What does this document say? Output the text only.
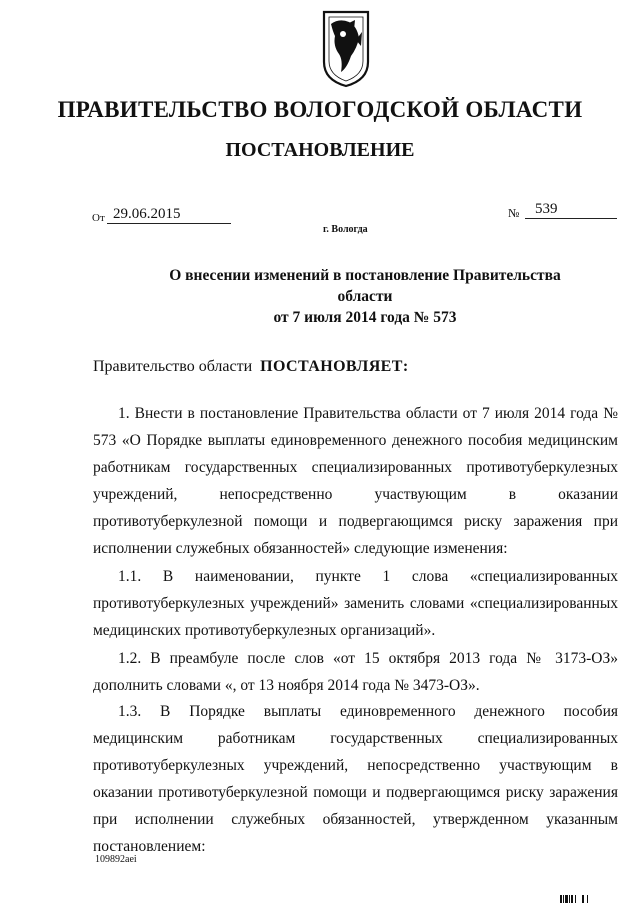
ПРАВИТЕЛЬСТВО ВОЛОГОДСКОЙ ОБЛАСТИ
ПОСТАНОВЛЕНИЕ
От 29.06.2015	№	539
г. Вологда
О внесении изменений в постановление Правительства области
от 7 июля 2014 года № 573
Правительство области ПОСТАНОВЛЯЕТ:
1. Внести в постановление Правительства области от 7 июля 2014 года № 573 «О Порядке выплаты единовременного денежного пособия медицинским работникам государственных специализированных противотуберкулезных учреждений, непосредственно участвующим в оказании противотуберкулезной помощи и подвергающимся риску заражения при исполнении служебных обязанностей» следующие изменения:
1.1. В наименовании, пункте 1 слова «специализированных противотуберкулезных учреждений» заменить словами «специализированных медицинских противотуберкулезных организаций».
1.2. В преамбуле после слов «от 15 октября 2013 года № 3173-ОЗ» дополнить словами «, от 13 ноября 2014 года № 3473-ОЗ».
1.3. В Порядке выплаты единовременного денежного пособия медицинским работникам государственных специализированных противотуберкулезных учреждений, непосредственно участвующим в оказании противотуберкулезной помощи и подвергающимся риску заражения при исполнении служебных обязанностей, утвержденном указанным постановлением:
109892aei
